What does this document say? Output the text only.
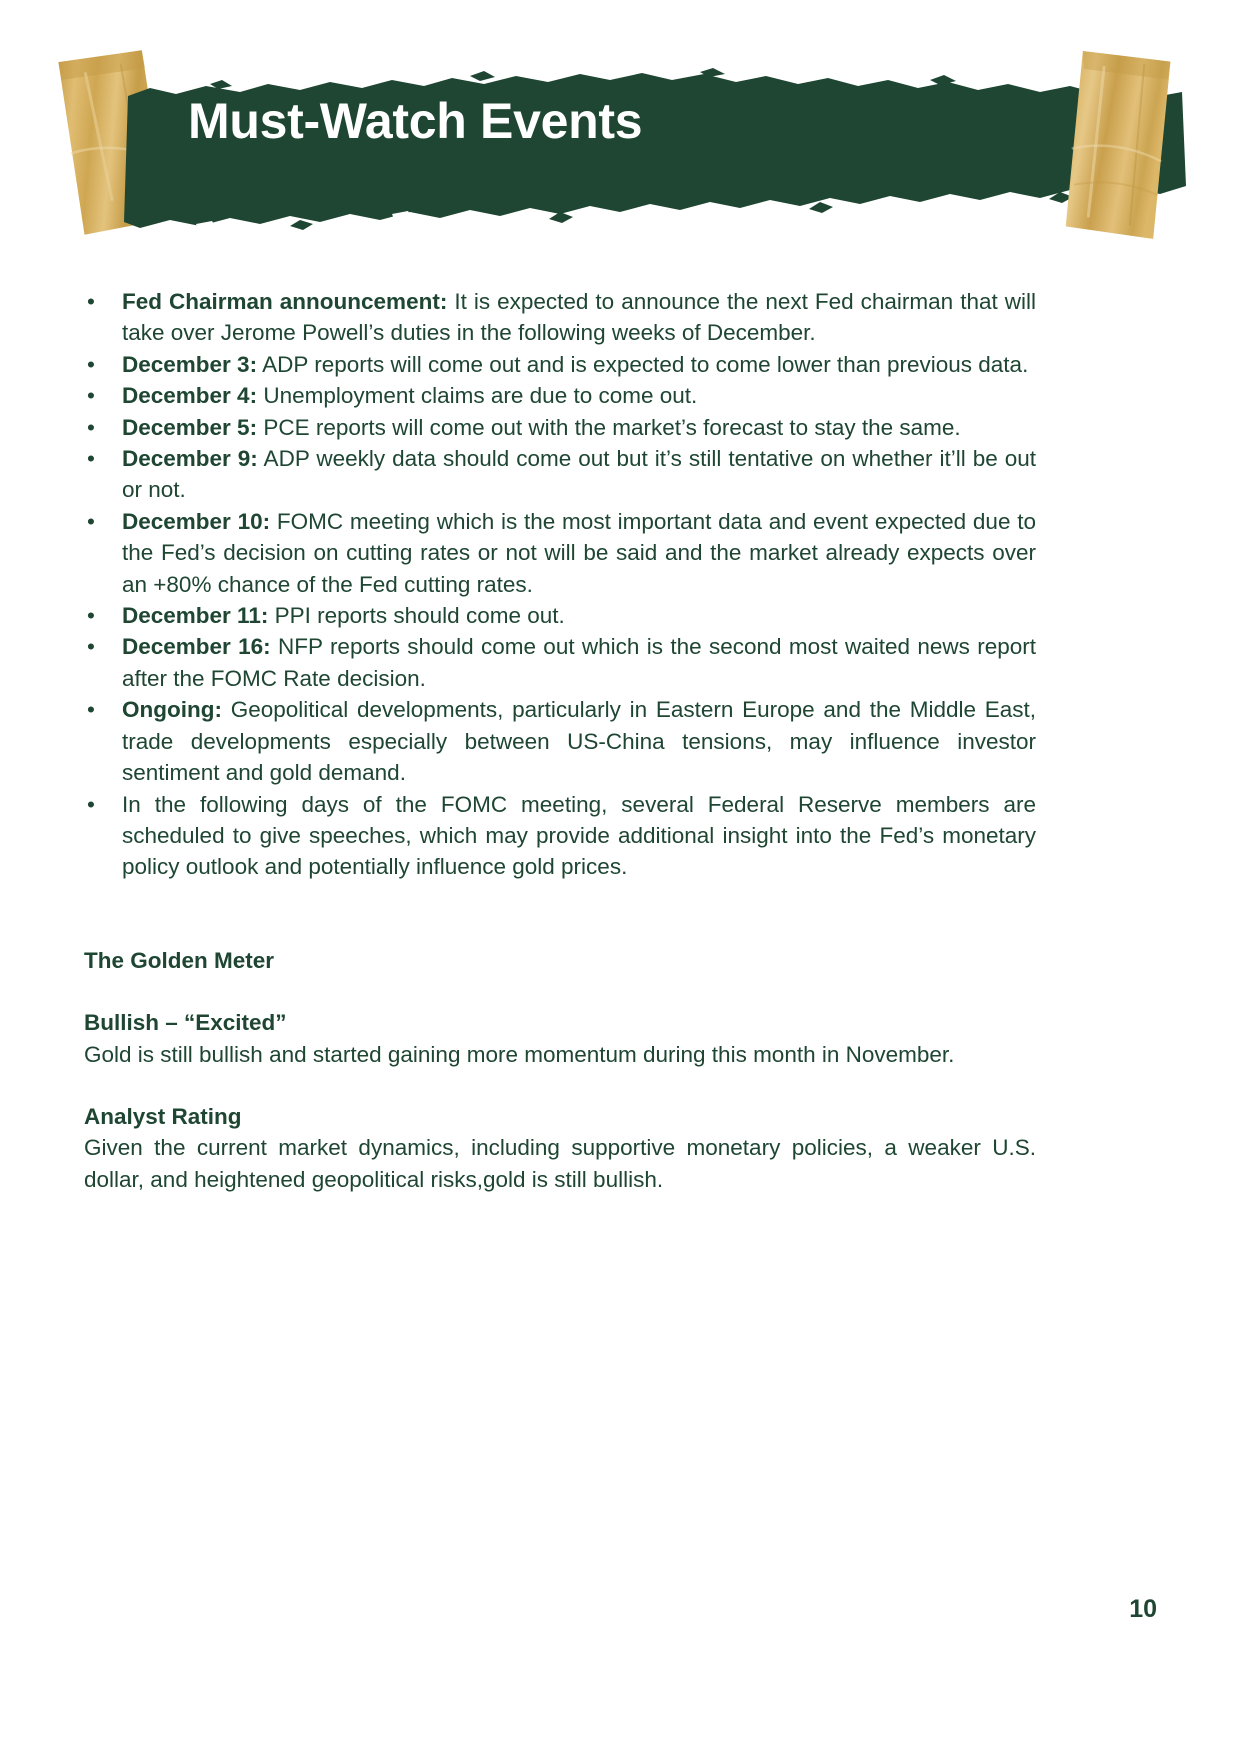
Must-Watch Events
• Fed Chairman announcement: It is expected to announce the next Fed chairman that will take over Jerome Powell’s duties in the following weeks of December.
• December 3: ADP reports will come out and is expected to come lower than previous data.
• December 4: Unemployment claims are due to come out.
• December 5: PCE reports will come out with the market’s forecast to stay the same.
• December 9: ADP weekly data should come out but it’s still tentative on whether it’ll be out or not.
• December 10: FOMC meeting which is the most important data and event expected due to the Fed’s decision on cutting rates or not will be said and the market already expects over an +80% chance of the Fed cutting rates.
• December 11: PPI reports should come out.
• December 16: NFP reports should come out which is the second most waited news report after the FOMC Rate decision.
• Ongoing: Geopolitical developments, particularly in Eastern Europe and the Middle East, trade developments especially between US-China tensions, may influence investor sentiment and gold demand.
• In the following days of the FOMC meeting, several Federal Reserve members are scheduled to give speeches, which may provide additional insight into the Fed’s monetary policy outlook and potentially influence gold prices.
The Golden Meter
Bullish – “Excited”
Gold is still bullish and started gaining more momentum during this month in November.
Analyst Rating
Given the current market dynamics, including supportive monetary policies, a weaker U.S. dollar, and heightened geopolitical risks,gold is still bullish.
10
